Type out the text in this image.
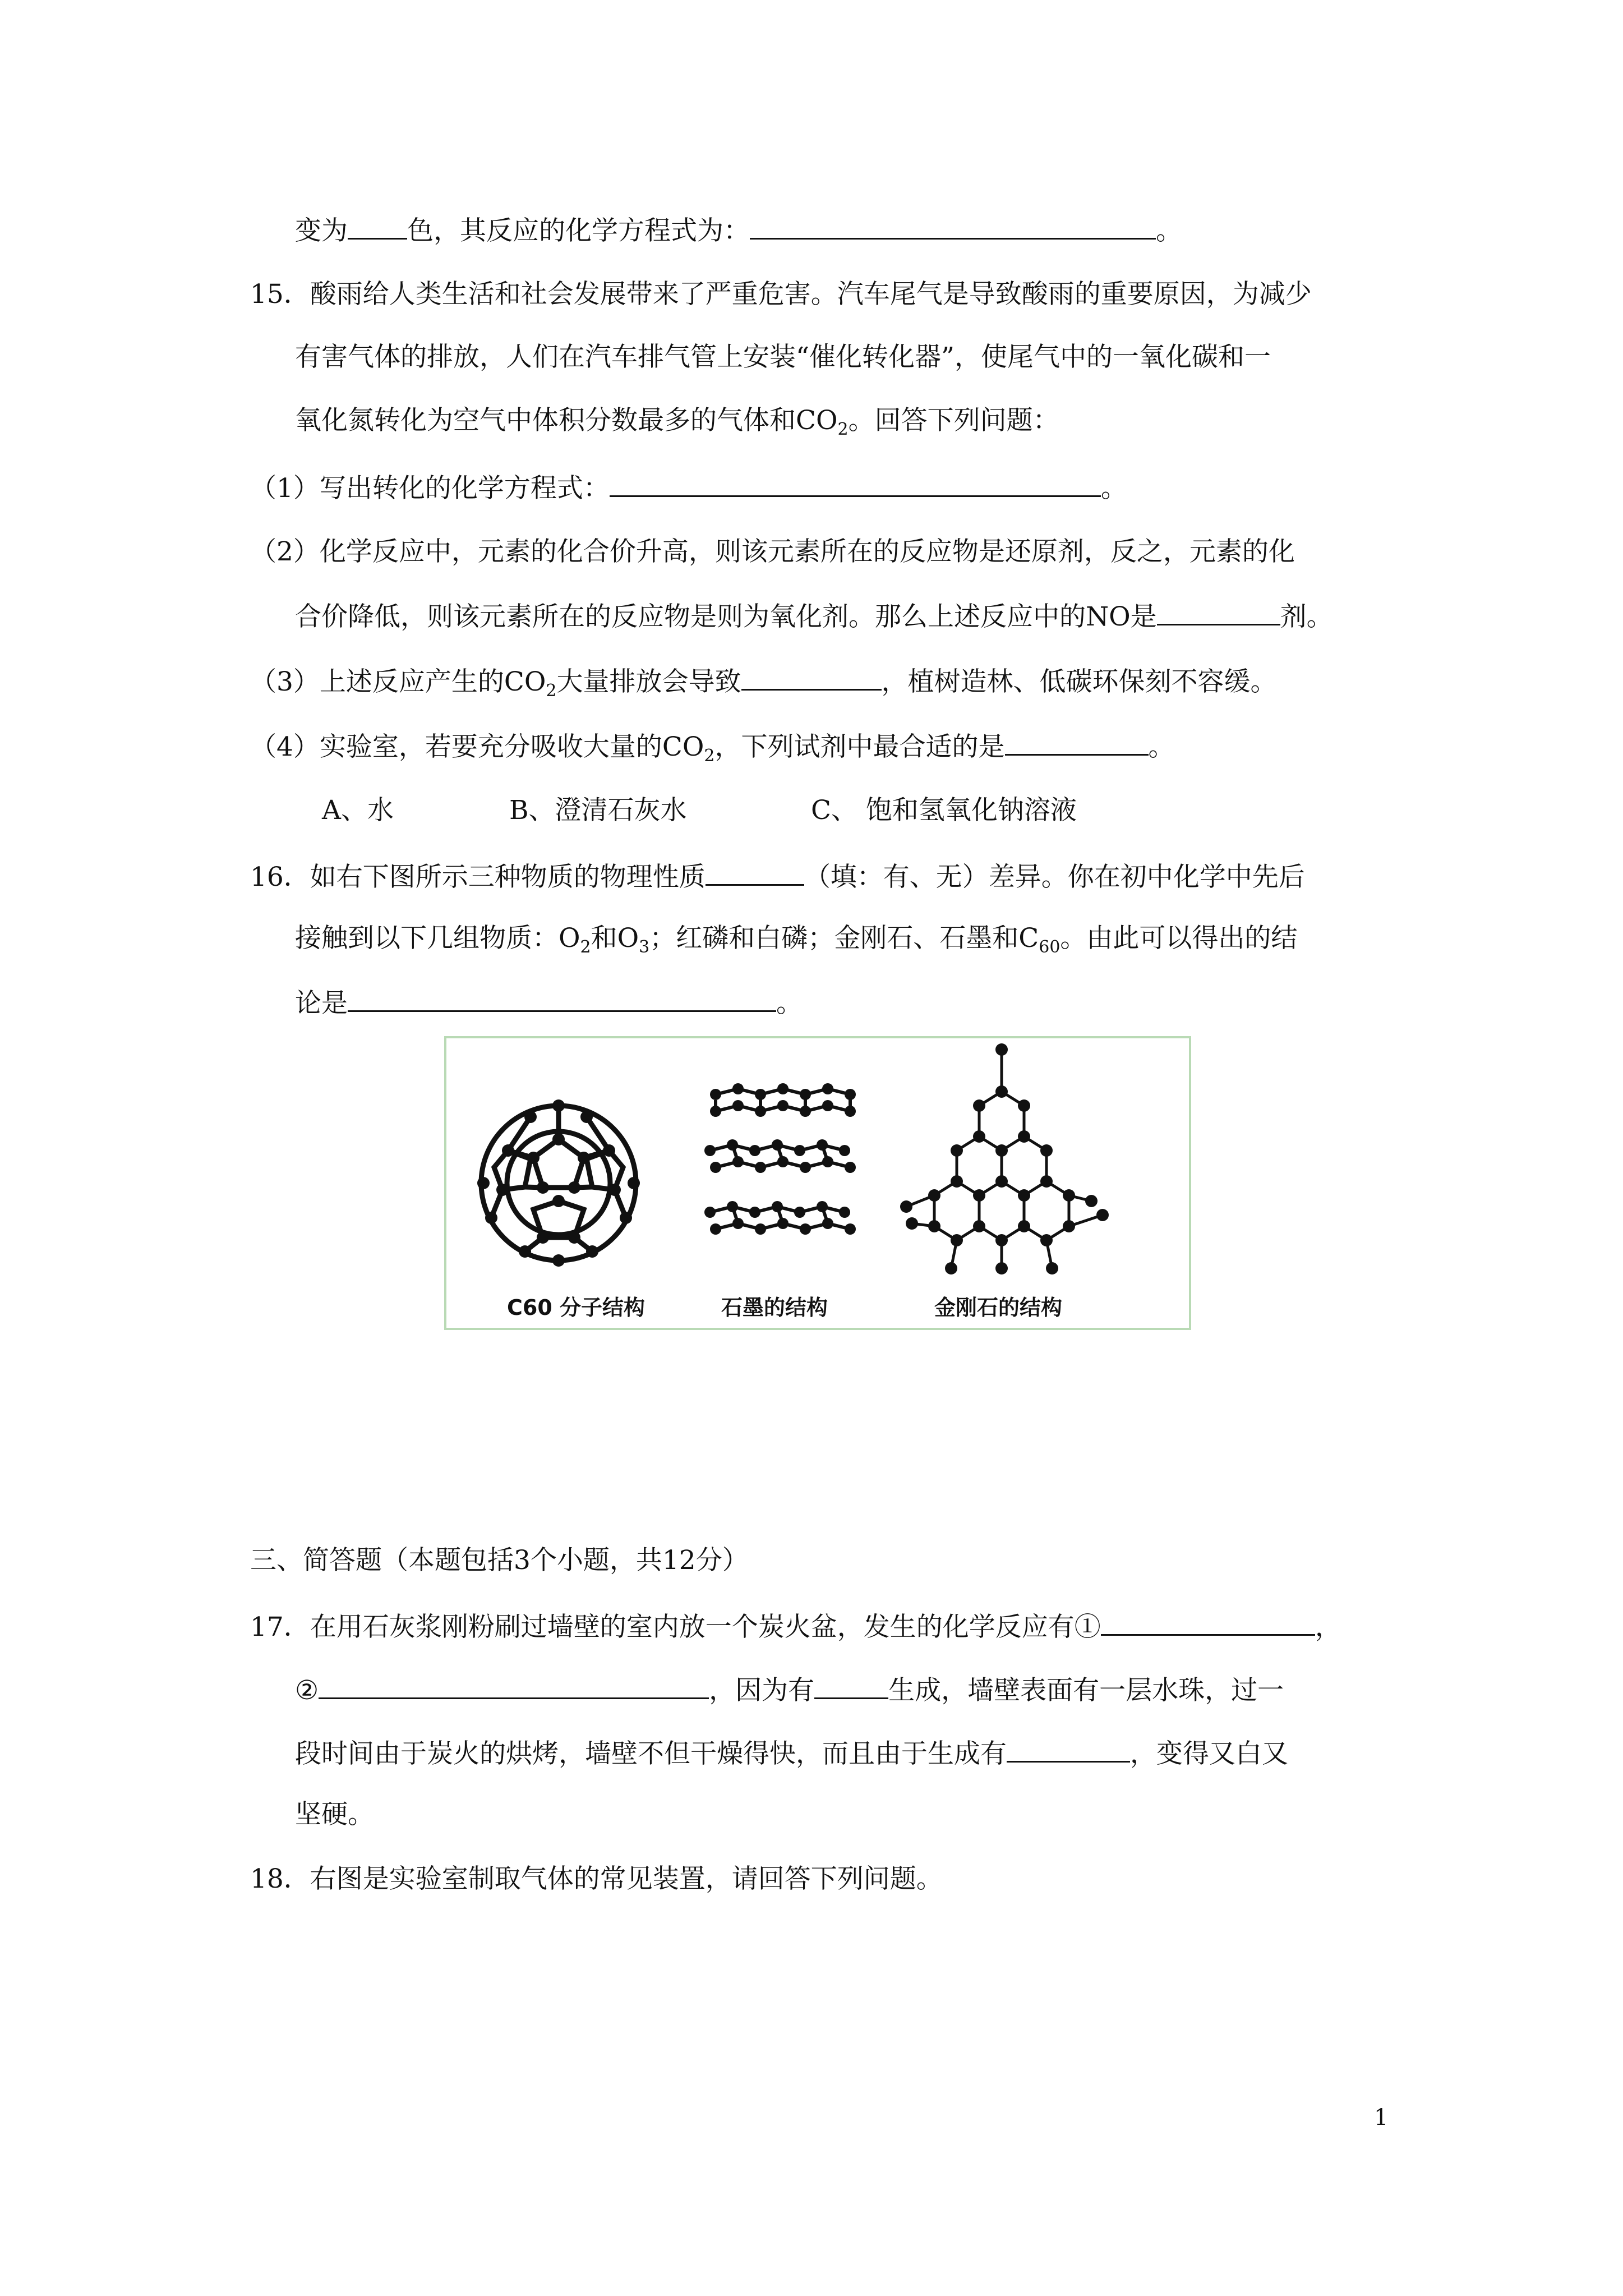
变为 色，其反应的化学方程式为：	。
15．酸雨给人类生活和社会发展带来了严重危害。汽车尾气是导致酸雨的重要原因，为减少
有害气体的排放，人们在汽车排气管上安装“催化转化器”，使尾气中的一氧化碳和一
氧化氮转化为空气中体积分数最多的气体和$CO_2$。回答下列问题：
（1）写出转化的化学方程式：	。
（2）化学反应中，元素的化合价升高，则该元素所在的反应物是还原剂，反之，元素的化
合价降低，则该元素所在的反应物是则为氧化剂。那么上述反应中的NO是	剂。
（3）上述反应产生的$CO_2$大量排放会导致	，植树造林、低碳环保刻不容缓。
（4）实验室，若要充分吸收大量的$CO_2$，下列试剂中最合适的是	。
A、水	B、澄清石灰水	C、 饱和氢氧化钠溶液
16．如右下图所示三种物质的物理性质	（填：有、无）差异。你在初中化学中先后
接触到以下几组物质：$O_2$和$O_3$；红磷和白磷；金刚石、石墨和$C_{60}$。由此可以得出的结
论是	。
C60 分子结构	石墨的结构	金刚石的结构
三、简答题（本题包括3个小题，共12分）
17．在用石灰浆刚粉刷过墙壁的室内放一个炭火盆，发生的化学反应有①	，
②	，因为有	生成，墙壁表面有一层水珠，过一
段时间由于炭火的烘烤，墙壁不但干燥得快，而且由于生成有	，变得又白又
坚硬。
18．右图是实验室制取气体的常见装置，请回答下列问题。
1
